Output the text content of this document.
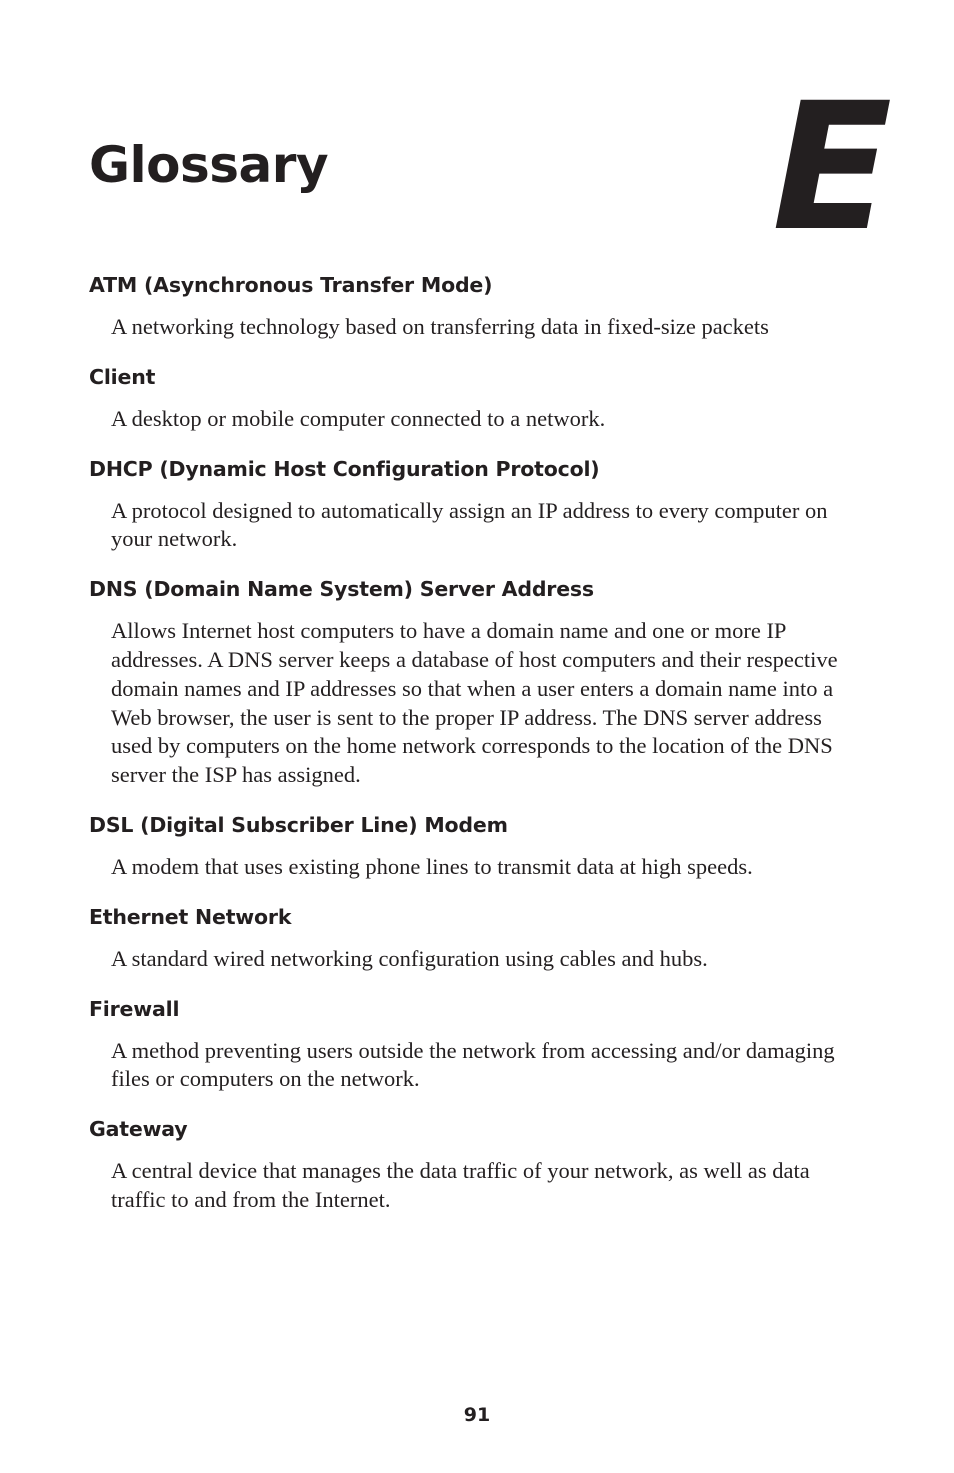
E
Glossary
ATM (Asynchronous Transfer Mode)
A networking technology based on transferring data in fixed-size packets
Client
A desktop or mobile computer connected to a network.
DHCP (Dynamic Host Configuration Protocol)
A protocol designed to automatically assign an IP address to every computer on your network.
DNS (Domain Name System) Server Address
Allows Internet host computers to have a domain name and one or more IP addresses. A DNS server keeps a database of host computers and their respective domain names and IP addresses so that when a user enters a domain name into a Web browser, the user is sent to the proper IP address. The DNS server address used by computers on the home network corresponds to the location of the DNS server the ISP has assigned.
DSL (Digital Subscriber Line) Modem
A modem that uses existing phone lines to transmit data at high speeds.
Ethernet Network
A standard wired networking configuration using cables and hubs.
Firewall
A method preventing users outside the network from accessing and/or damaging files or computers on the network.
Gateway
A central device that manages the data traffic of your network, as well as data traffic to and from the Internet.
91
